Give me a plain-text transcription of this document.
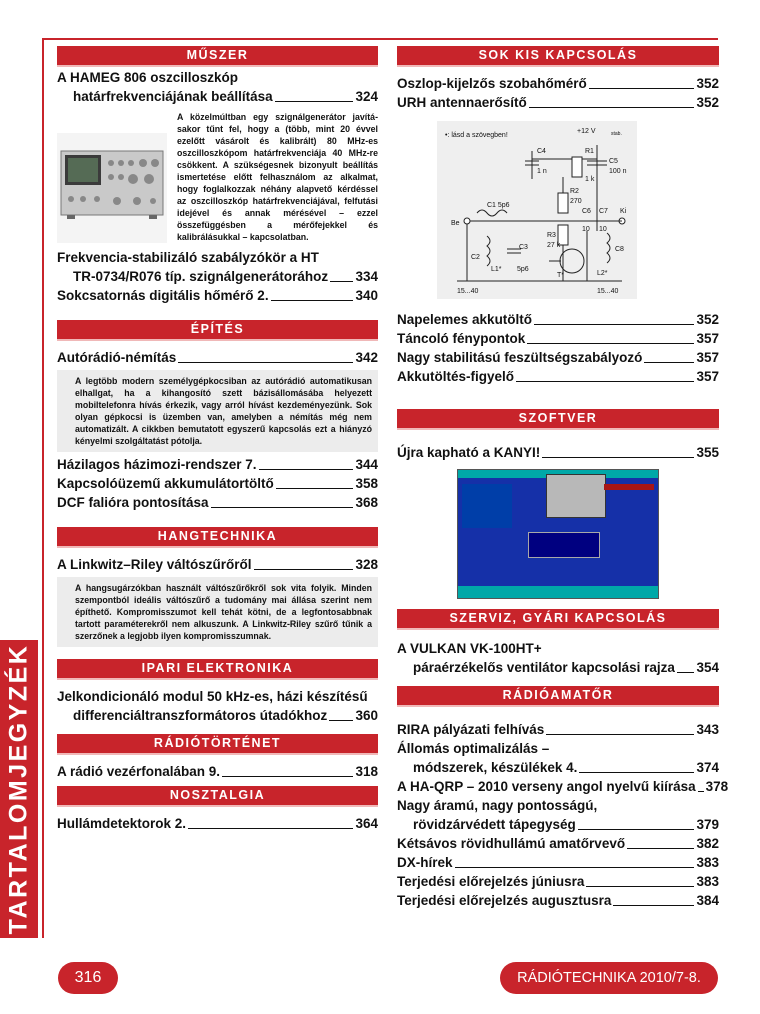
TARTALOMJEGYZÉK
MŰSZER
A HAMEG 806 oszcilloszkóp
határfrekvenciájának beállítása	324
A közelmúltban egy szignálgenerátor javításakor tűnt fel, hogy a (több, mint 20 évvel ezelőtt vásárolt és kalibrált) 80 MHz-es oszcilloszkópom határfrekvenciája 40 MHz-re csökkent. A szükségesnek bizonyult beállítás ismertetése előtt felhasználom az alkalmat, hogy foglalkozzak néhány alapvető kérdéssel az oszcilloszkóp határfrekvenciájával, felfutási idejével és annak mérésével – ezzel összefüggésben a mérőfejekkel és kalibrálásukkal – kapcsolatban.
Frekvencia-stabilizáló szabályzókör a HT
TR-0734/R076 típ. szignálgenerátorához 334
Sokcsatornás digitális hőmérő 2.	340
ÉPÍTÉS
Autórádió-némítás	342
A legtöbb modern személygépkocsiban az autórádió automatikusan elhallgat, ha a kihangosító szett bázisállomásába helyezett mobiltelefonra hívás érkezik, vagy arról hívást kezdeményezünk. Sok olyan gépkocsi is üzemben van, amelyben a némítás még nem automatizált. A cikkben bemutatott egyszerű kapcsolás ezt a hiányzó kényelmi szolgáltatást pótolja.
Házilagos házimozi-rendszer 7.	344
Kapcsolóüzemű akkumulátortöltő	358
DCF falióra pontosítása	368
HANGTECHNIKA
A Linkwitz–Riley váltószűrőről	328
A hangsugárzókban használt váltószűrőkről sok vita folyik. Minden szempontból ideális váltószűrő a tudomány mai állása szerint nem építhető. Kompromisszumot kell tehát kötni, de a legfontosabbnak tartott paraméterekről nem alkuszunk. A Linkwitz-Riley szűrő tűnik a szerzőnek a legjobb ilyen kompromisszumnak.
IPARI ELEKTRONIKA
Jelkondicionáló modul 50 kHz-es, házi készítésű
differenciáltranszformátoros útadókhoz 360
RÁDIÓTÖRTÉNET
A rádió vezérfonalában 9.	318
NOSZTALGIA
Hullámdetektorok 2.	364
SOK KIS KAPCSOLÁS
Oszlop-kijelzős szobahőmérő	352
URH antennaerősítő	352
•: lásd a szövegben!
+12 V	stab.
C4
1 n
R1
1 k
C5
100 n
R2
270
C1 5p6
C6 C7
10 10
Be
Ki
R3
27 k
C2
C3
5p6
C8
L1*
L2*
T*
15...40	15...40
Napelemes akkutöltő	352
Táncoló fénypontok	357
Nagy stabilitású feszültségszabályozó	357
Akkutöltés-figyelő	357
SZOFTVER
Újra kapható a KANYI!	355
SZERVIZ, GYÁRI KAPCSOLÁS
A VULKAN VK-100HT+
páraérzékelős ventilátor kapcsolási rajza 354
RÁDIÓAMATŐR
RIRA pályázati felhívás	343
Állomás optimalizálás –
módszerek, készülékek 4.	374
A HA-QRP – 2010 verseny angol nyelvű kiírása 378
Nagy áramú, nagy pontosságú,
rövidzárvédett tápegység	379
Kétsávos rövidhullámú amatőrvevő	382
DX-hírek	383
Terjedési előrejelzés júniusra	383
Terjedési előrejelzés augusztusra	384
316	RÁDIÓTECHNIKA 2010/7-8.
